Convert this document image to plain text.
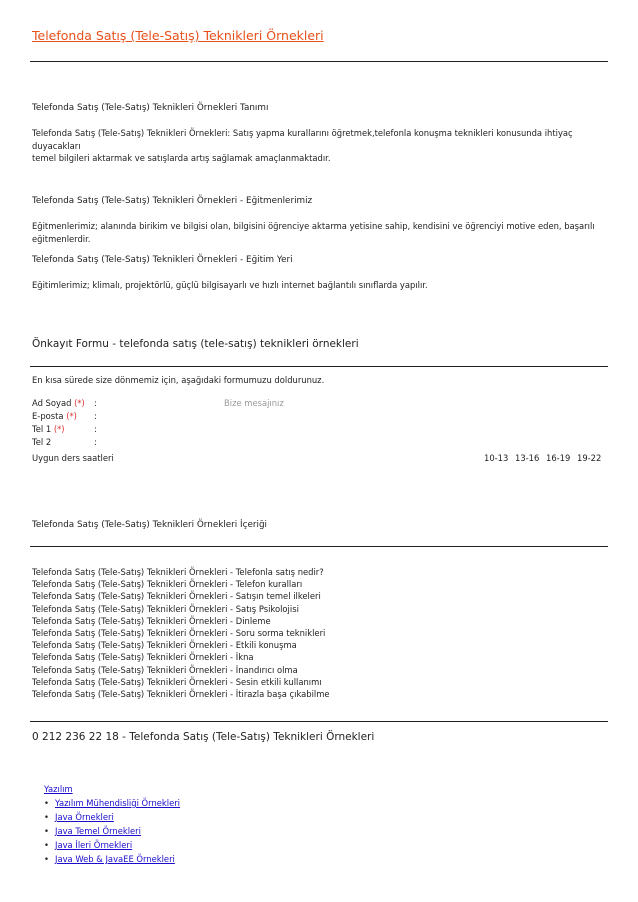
Telefonda Satış (Tele-Satış) Teknikleri Örnekleri
Telefonda Satış (Tele-Satış) Teknikleri Örnekleri Tanımı
Telefonda Satış (Tele-Satış) Teknikleri Örnekleri: Satış yapma kurallarını öğretmek,telefonla konuşma teknikleri konusunda ihtiyaç duyacakları
temel bilgileri aktarmak ve satışlarda artış sağlamak amaçlanmaktadır.
Telefonda Satış (Tele-Satış) Teknikleri Örnekleri - Eğitmenlerimiz
Eğitmenlerimiz; alanında birikim ve bilgisi olan, bilgisini öğrenciye aktarma yetisine sahip, kendisini ve öğrenciyi motive eden, başarılı
eğitmenlerdir.
Telefonda Satış (Tele-Satış) Teknikleri Örnekleri - Eğitim Yeri
Eğitimlerimiz; klimalı, projektörlü, güçlü bilgisayarlı ve hızlı internet bağlantılı sınıflarda yapılır.
Önkayıt Formu - telefonda satış (tele-satış) teknikleri örnekleri
En kısa sürede size dönmemiz için, aşağıdaki formumuzu doldurunuz.
Ad Soyad (*) :
E-posta (*) :
Tel 1 (*)	:
Tel 2	:
Bize mesajınız
Uygun ders saatleri	10-13 13-16 16-19 19-22
Telefonda Satış (Tele-Satış) Teknikleri Örnekleri İçeriği
Telefonda Satış (Tele-Satış) Teknikleri Örnekleri - Telefonla satış nedir?
Telefonda Satış (Tele-Satış) Teknikleri Örnekleri - Telefon kuralları
Telefonda Satış (Tele-Satış) Teknikleri Örnekleri - Satışın temel ilkeleri
Telefonda Satış (Tele-Satış) Teknikleri Örnekleri - Satış Psikolojisi
Telefonda Satış (Tele-Satış) Teknikleri Örnekleri - Dinleme
Telefonda Satış (Tele-Satış) Teknikleri Örnekleri - Soru sorma teknikleri
Telefonda Satış (Tele-Satış) Teknikleri Örnekleri - Etkili konuşma
Telefonda Satış (Tele-Satış) Teknikleri Örnekleri - İkna
Telefonda Satış (Tele-Satış) Teknikleri Örnekleri - İnandırıcı olma
Telefonda Satış (Tele-Satış) Teknikleri Örnekleri - Sesin etkili kullanımı
Telefonda Satış (Tele-Satış) Teknikleri Örnekleri - İtirazla başa çıkabilme
0 212 236 22 18 - Telefonda Satış (Tele-Satış) Teknikleri Örnekleri
Yazılım
• Yazılım Mühendisliği Örnekleri
• Java Örnekleri
• Java Temel Örnekleri
• Java İleri Örnekleri
• Java Web & JavaEE Örnekleri
